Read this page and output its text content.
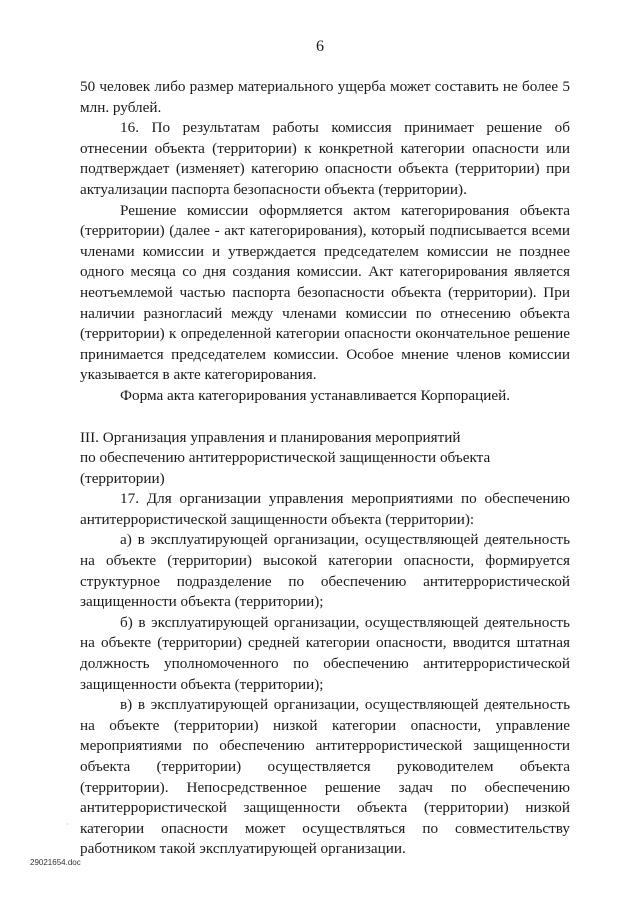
6

50 человек либо размер материального ущерба может составить не более 5 млн. рублей.

16. По результатам работы комиссия принимает решение об отнесении объекта (территории) к конкретной категории опасности или подтверждает (изменяет) категорию опасности объекта (территории) при актуализации паспорта безопасности объекта (территории).

Решение комиссии оформляется актом категорирования объекта (территории) (далее - акт категорирования), который подписывается всеми членами комиссии и утверждается председателем комиссии не позднее одного месяца со дня создания комиссии. Акт категорирования является неотъемлемой частью паспорта безопасности объекта (территории). При наличии разногласий между членами комиссии по отнесению объекта (территории) к определенной категории опасности окончательное решение принимается председателем комиссии. Особое мнение членов комиссии указывается в акте категорирования.

Форма акта категорирования устанавливается Корпорацией.

III. Организация управления и планирования мероприятий
по обеспечению антитеррористической защищенности объекта
(территории)

17. Для организации управления мероприятиями по обеспечению антитеррористической защищенности объекта (территории):

а) в эксплуатирующей организации, осуществляющей деятельность на объекте (территории) высокой категории опасности, формируется структурное подразделение по обеспечению антитеррористической защищенности объекта (территории);

б) в эксплуатирующей организации, осуществляющей деятельность на объекте (территории) средней категории опасности, вводится штатная должность уполномоченного по обеспечению антитеррористической защищенности объекта (территории);

в) в эксплуатирующей организации, осуществляющей деятельность на объекте (территории) низкой категории опасности, управление мероприятиями по обеспечению антитеррористической защищенности объекта (территории) осуществляется руководителем объекта (территории). Непосредственное решение задач по обеспечению антитеррористической защищенности объекта (территории) низкой категории опасности может осуществляться по совместительству работником такой эксплуатирующей организации.

·
29021654.doc
